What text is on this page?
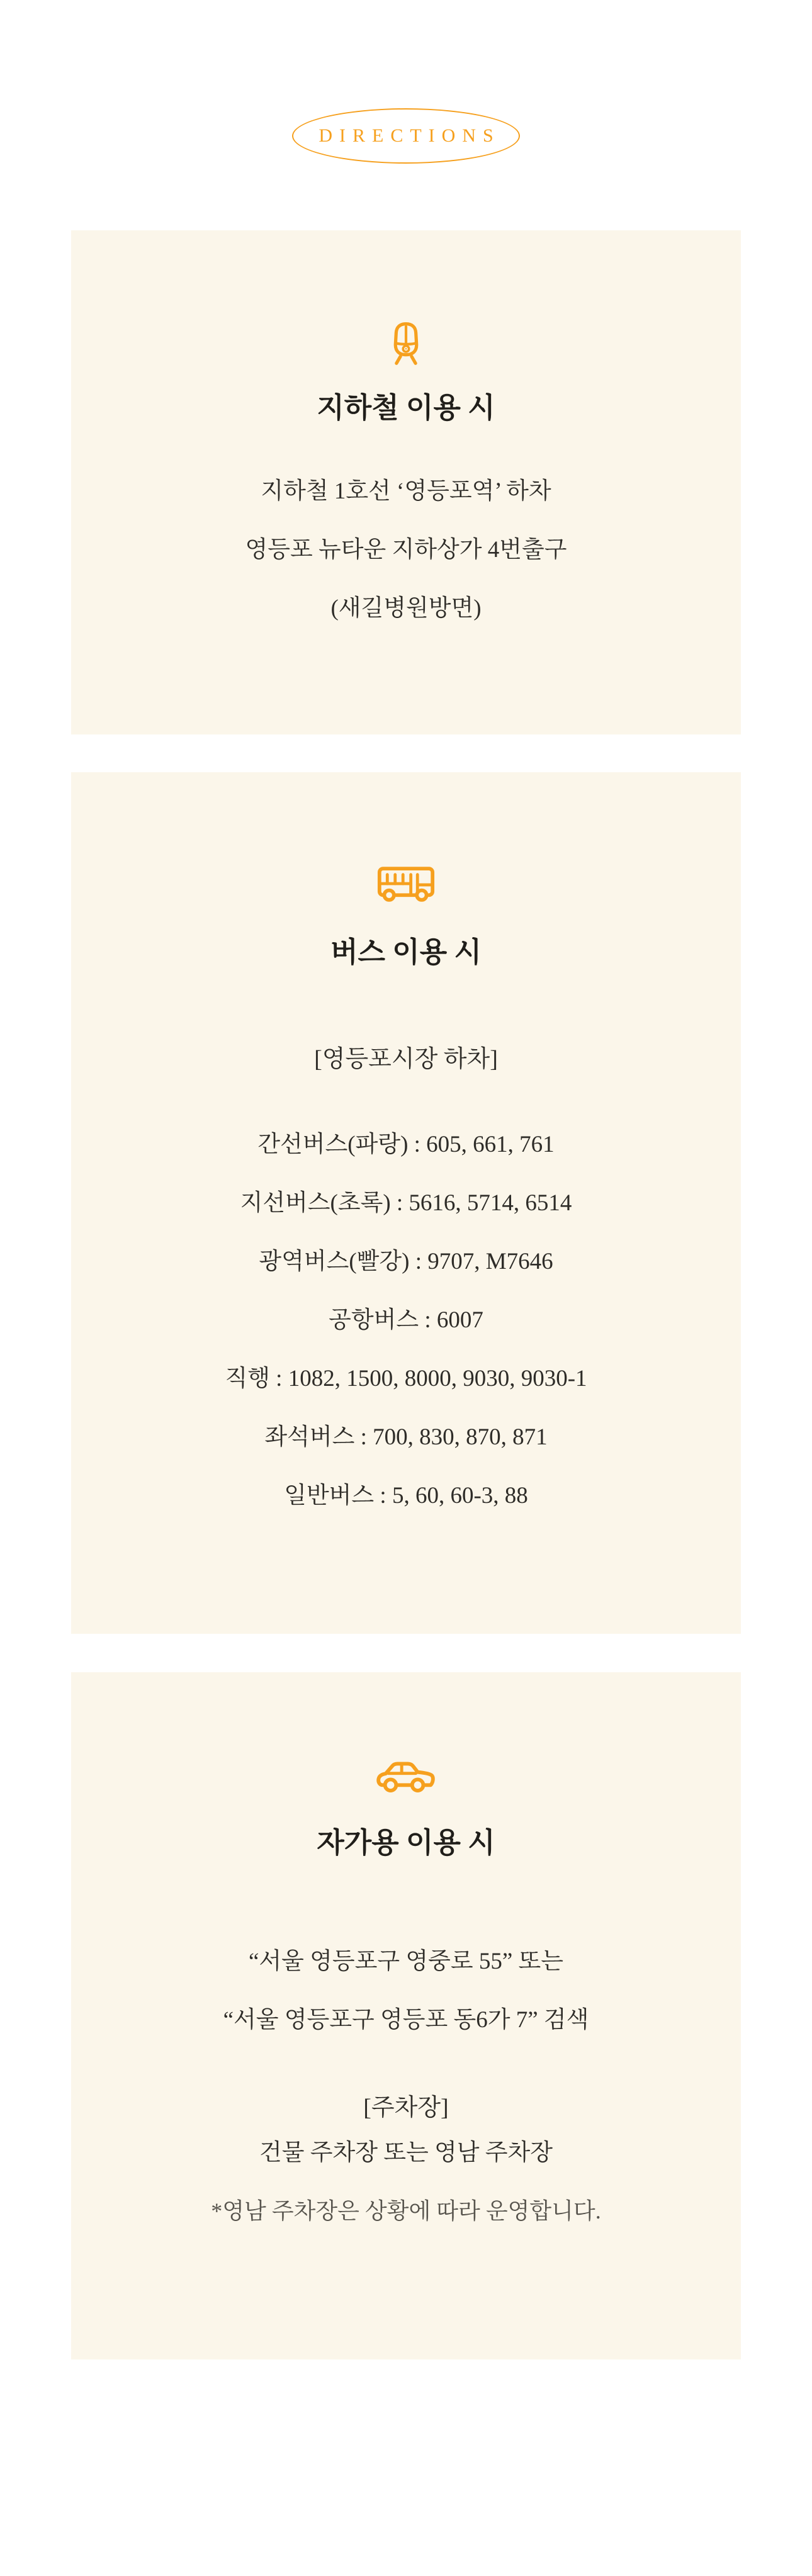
DIRECTIONS
지하철 이용 시
지하철 1호선 ‘영등포역’ 하차
영등포 뉴타운 지하상가 4번출구
(새길병원방면)
버스 이용 시
[영등포시장 하차]
간선버스(파랑) : 605, 661, 761
지선버스(초록) : 5616, 5714, 6514
광역버스(빨강) : 9707, M7646
공항버스 : 6007
직행 : 1082, 1500, 8000, 9030, 9030-1
좌석버스 : 700, 830, 870, 871
일반버스 : 5, 60, 60-3, 88
자가용 이용 시
“서울 영등포구 영중로 55” 또는
“서울 영등포구 영등포 동6가 7” 검색
[주차장]
건물 주차장 또는 영남 주차장
*영남 주차장은 상황에 따라 운영합니다.
